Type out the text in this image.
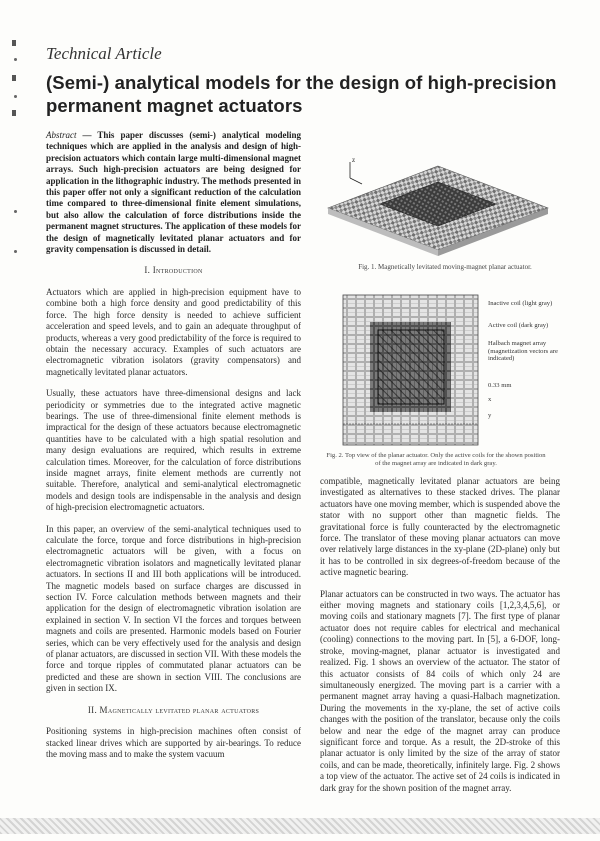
Technical Article
(Semi-) analytical models for the design of high-precision permanent magnet actuators

Abstract — This paper discusses (semi-) analytical modeling techniques which are applied in the analysis and design of high-precision actuators which contain large multi-dimensional magnet arrays. Such high-precision actuators are being designed for application in the lithographic industry. The methods presented in this paper offer not only a significant reduction of the calculation time compared to three-dimensional finite element simulations, but also allow the calculation of force distributions inside the permanent magnet structures. The application of these models for the design of magnetically levitated planar actuators and for gravity compensation is discussed in detail.

I. Introduction

Actuators which are applied in high-precision equipment have to combine both a high force density and good predictability of this force. The high force density is needed to achieve sufficient acceleration and speed levels, and to gain an adequate throughput of products, whereas a very good predictability of the force is required to obtain the necessary accuracy. Examples of such actuators are electromagnetic vibration isolators (gravity compensators) and magnetically levitated planar actuators.

Usually, these actuators have three-dimensional designs and lack periodicity or symmetries due to the integrated active magnetic bearings. The use of three-dimensional finite element methods is impractical for the design of these actuators because electromagnetic quantities have to be calculated with a high spatial resolution and many design evaluations are required, which results in extreme calculation times. Moreover, for the calculation of force distributions inside magnet arrays, finite element methods are currently not suitable. Therefore, analytical and semi-analytical electromagnetic models and design tools are indispensable in the analysis and design of high-precision electromagnetic actuators.

In this paper, an overview of the semi-analytical techniques used to calculate the force, torque and force distributions in high-precision electromagnetic actuators will be given, with a focus on electromagnetic vibration isolators and magnetically levitated planar actuators. In sections II and III both applications will be introduced. The magnetic models based on surface charges are discussed in section IV. Force calculation methods between magnets and their application for the design of electromagnetic vibration isolation are explained in section V. In section VI the forces and torques between magnets and coils are presented. Harmonic models based on Fourier series, which can be very effectively used for the analysis and design of planar actuators, are discussed in section VII. With these models the force and torque ripples of commutated planar actuators can be predicted and these are shown in section VIII. The conclusions are given in section IX.

II. Magnetically levitated planar actuators

Positioning systems in high-precision machines often consist of stacked linear drives which are supported by air-bearings. To reduce the moving mass and to make the system vacuum

z
Fig. 1. Magnetically levitated moving-magnet planar actuator.
Inactive coil (light gray)
Active coil (dark gray)
Halbach magnet array (magnetization vectors are indicated)
0.33 mm
x
y
Fig. 2. Top view of the planar actuator. Only the active coils for the shown position of the magnet array are indicated in dark gray.

compatible, magnetically levitated planar actuators are being investigated as alternatives to these stacked drives. The planar actuators have one moving member, which is suspended above the stator with no support other than magnetic fields. The gravitational force is fully counteracted by the electromagnetic force. The translator of these moving planar actuators can move over relatively large distances in the xy-plane (2D-plane) only but it has to be controlled in six degrees-of-freedom because of the active magnetic bearing.

Planar actuators can be constructed in two ways. The actuator has either moving magnets and stationary coils [1,2,3,4,5,6], or moving coils and stationary magnets [7]. The first type of planar actuator does not require cables for electrical and mechanical (cooling) connections to the moving part. In [5], a 6-DOF, long-stroke, moving-magnet, planar actuator is investigated and realized. Fig. 1 shows an overview of the actuator. The stator of this actuator consists of 84 coils of which only 24 are simultaneously energized. The moving part is a carrier with a permanent magnet array having a quasi-Halbach magnetization. During the movements in the xy-plane, the set of active coils changes with the position of the translator, because only the coils below and near the edge of the magnet array can produce significant force and torque. As a result, the 2D-stroke of this planar actuator is only limited by the size of the array of stator coils, and can be made, theoretically, infinitely large. Fig. 2 shows a top view of the actuator. The active set of 24 coils is indicated in dark gray for the shown position of the magnet array.
